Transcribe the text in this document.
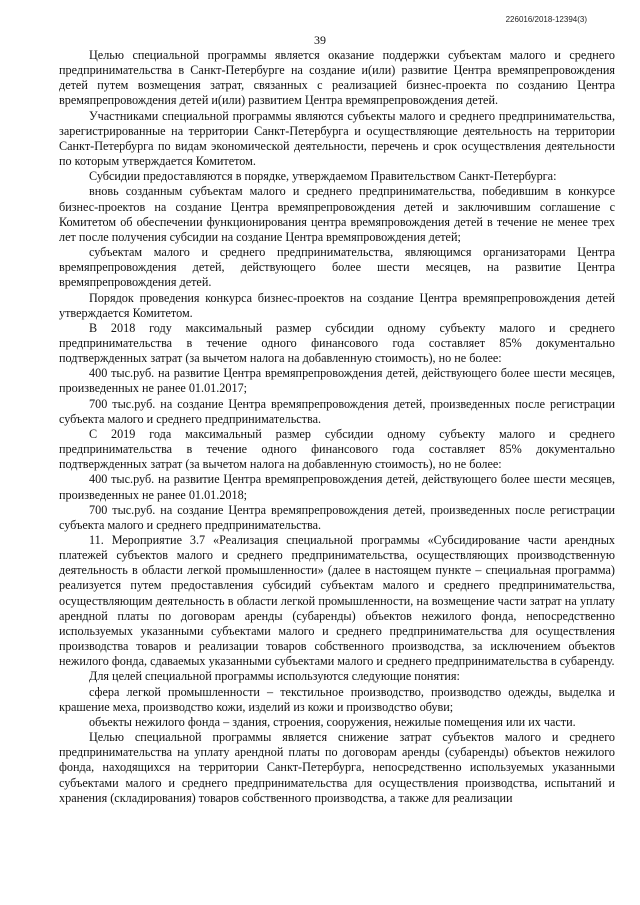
226016/2018-12394(3)
39

Целью специальной программы является оказание поддержки субъектам малого и среднего предпринимательства в Санкт-Петербурге на создание и(или) развитие Центра времяпрепровождения детей путем возмещения затрат, связанных с реализацией бизнес-проекта по созданию Центра времяпрепровождения детей и(или) развитием Центра времяпрепровождения детей.

Участниками специальной программы являются субъекты малого и среднего предпринимательства, зарегистрированные на территории Санкт-Петербурга и осуществляющие деятельность на территории Санкт-Петербурга по видам экономической деятельности, перечень и срок осуществления деятельности по которым утверждается Комитетом.

Субсидии предоставляются в порядке, утверждаемом Правительством Санкт-Петербурга:

вновь созданным субъектам малого и среднего предпринимательства, победившим в конкурсе бизнес-проектов на создание Центра времяпрепровождения детей и заключившим соглашение с Комитетом об обеспечении функционирования центра времяпровождения детей в течение не менее трех лет после получения субсидии на создание Центра времяпровождения детей;

субъектам малого и среднего предпринимательства, являющимся организаторами Центра времяпрепровождения детей, действующего более шести месяцев, на развитие Центра времяпрепровождения детей.

Порядок проведения конкурса бизнес-проектов на создание Центра времяпрепровождения детей утверждается Комитетом.

В 2018 году максимальный размер субсидии одному субъекту малого и среднего предпринимательства в течение одного финансового года составляет 85% документально подтвержденных затрат (за вычетом налога на добавленную стоимость), но не более:

400 тыс.руб. на развитие Центра времяпрепровождения детей, действующего более шести месяцев, произведенных не ранее 01.01.2017;

700 тыс.руб. на создание Центра времяпрепровождения детей, произведенных после регистрации субъекта малого и среднего предпринимательства.

С 2019 года максимальный размер субсидии одному субъекту малого и среднего предпринимательства в течение одного финансового года составляет 85% документально подтвержденных затрат (за вычетом налога на добавленную стоимость), но не более:

400 тыс.руб. на развитие Центра времяпрепровождения детей, действующего более шести месяцев, произведенных не ранее 01.01.2018;

700 тыс.руб. на создание Центра времяпрепровождения детей, произведенных после регистрации субъекта малого и среднего предпринимательства.

11. Мероприятие 3.7 «Реализация специальной программы «Субсидирование части арендных платежей субъектов малого и среднего предпринимательства, осуществляющих производственную деятельность в области легкой промышленности» (далее в настоящем пункте – специальная программа) реализуется путем предоставления субсидий субъектам малого и среднего предпринимательства, осуществляющим деятельность в области легкой промышленности, на возмещение части затрат на уплату арендной платы по договорам аренды (субаренды) объектов нежилого фонда, непосредственно используемых указанными субъектами малого и среднего предпринимательства для осуществления производства товаров и реализации товаров собственного производства, за исключением объектов нежилого фонда, сдаваемых указанными субъектами малого и среднего предпринимательства в субаренду.

Для целей специальной программы используются следующие понятия:

сфера легкой промышленности – текстильное производство, производство одежды, выделка и крашение меха, производство кожи, изделий из кожи и производство обуви;

объекты нежилого фонда – здания, строения, сооружения, нежилые помещения или их части.

Целью специальной программы является снижение затрат субъектов малого и среднего предпринимательства на уплату арендной платы по договорам аренды (субаренды) объектов нежилого фонда, находящихся на территории Санкт-Петербурга, непосредственно используемых указанными субъектами малого и среднего предпринимательства для осуществления производства, испытаний и хранения (складирования) товаров собственного производства, а также для реализации
